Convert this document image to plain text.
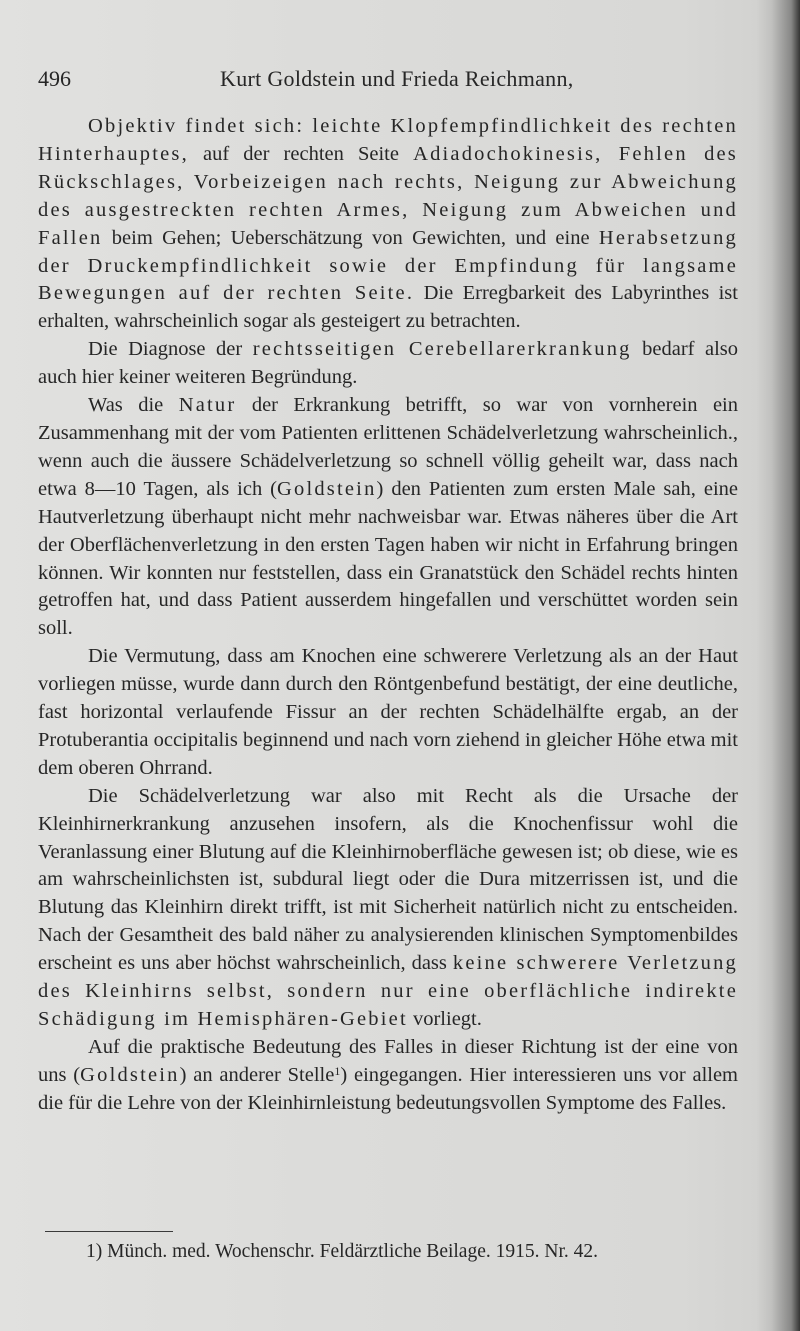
496	Kurt Goldstein und Frieda Reichmann,

Objektiv findet sich: leichte Klopfempfindlichkeit des rechten Hinterhauptes, auf der rechten Seite Adiadochokinesis, Fehlen des Rückschlages, Vorbeizeigen nach rechts, Neigung zur Abweichung des ausgestreckten rechten Armes, Neigung zum Abweichen und Fallen beim Gehen; Ueberschätzung von Gewichten, und eine Herabsetzung der Druckempfindlichkeit sowie der Empfindung für langsame Bewegungen auf der rechten Seite. Die Erregbarkeit des Labyrinthes ist erhalten, wahrscheinlich sogar als gesteigert zu betrachten.

Die Diagnose der rechtsseitigen Cerebellarerkrankung bedarf also auch hier keiner weiteren Begründung.

Was die Natur der Erkrankung betrifft, so war von vornherein ein Zusammenhang mit der vom Patienten erlittenen Schädelverletzung wahrscheinlich., wenn auch die äussere Schädelverletzung so schnell völlig geheilt war, dass nach etwa 8—10 Tagen, als ich (Goldstein) den Patienten zum ersten Male sah, eine Hautverletzung überhaupt nicht mehr nachweisbar war. Etwas näheres über die Art der Oberflächenverletzung in den ersten Tagen haben wir nicht in Erfahrung bringen können. Wir konnten nur feststellen, dass ein Granatstück den Schädel rechts hinten getroffen hat, und dass Patient ausserdem hingefallen und verschüttet worden sein soll.

Die Vermutung, dass am Knochen eine schwerere Verletzung als an der Haut vorliegen müsse, wurde dann durch den Röntgenbefund bestätigt, der eine deutliche, fast horizontal verlaufende Fissur an der rechten Schädelhälfte ergab, an der Protuberantia occipitalis beginnend und nach vorn ziehend in gleicher Höhe etwa mit dem oberen Ohrrand.

Die Schädelverletzung war also mit Recht als die Ursache der Kleinhirnerkrankung anzusehen insofern, als die Knochenfissur wohl die Veranlassung einer Blutung auf die Kleinhirnoberfläche gewesen ist; ob diese, wie es am wahrscheinlichsten ist, subdural liegt oder die Dura mitzerrissen ist, und die Blutung das Kleinhirn direkt trifft, ist mit Sicherheit natürlich nicht zu entscheiden. Nach der Gesamtheit des bald näher zu analysierenden klinischen Symptomenbildes erscheint es uns aber höchst wahrscheinlich, dass keine schwerere Verletzung des Kleinhirns selbst, sondern nur eine oberflächliche indirekte Schädigung im Hemisphären-Gebiet vorliegt.

Auf die praktische Bedeutung des Falles in dieser Richtung ist der eine von uns (Goldstein) an anderer Stelle$^1$) eingegangen. Hier interessieren uns vor allem die für die Lehre von der Kleinhirnleistung bedeutungsvollen Symptome des Falles.

1) Münch. med. Wochenschr. Feldärztliche Beilage. 1915. Nr. 42.
